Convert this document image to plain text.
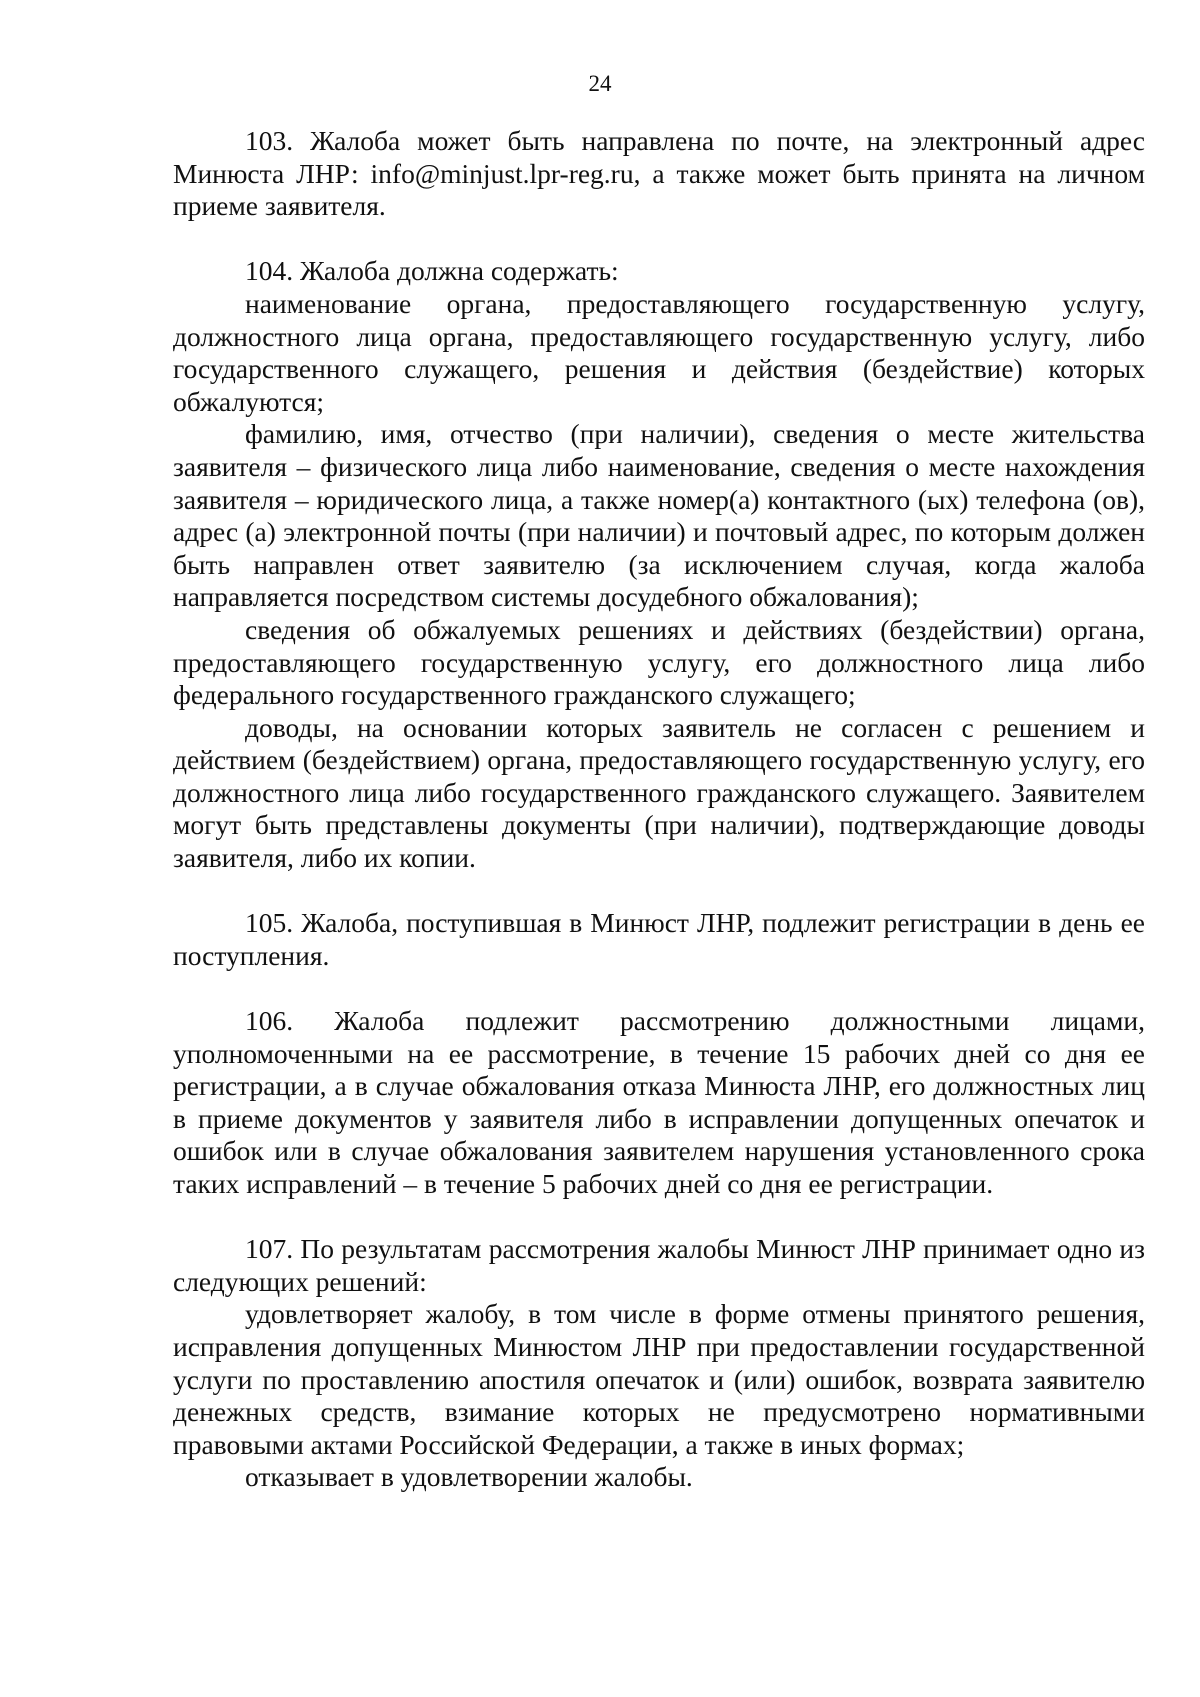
24

103. Жалоба может быть направлена по почте, на электронный адрес Минюста ЛНР: info@minjust.lpr-reg.ru, а также может быть принята на личном приеме заявителя.

104. Жалоба должна содержать:

наименование органа, предоставляющего государственную услугу, должностного лица органа, предоставляющего государственную услугу, либо государственного служащего, решения и действия (бездействие) которых обжалуются;

фамилию, имя, отчество (при наличии), сведения о месте жительства заявителя – физического лица либо наименование, сведения о месте нахождения заявителя – юридического лица, а также номер(а) контактного (ых) телефона (ов), адрес (а) электронной почты (при наличии) и почтовый адрес, по которым должен быть направлен ответ заявителю (за исключением случая, когда жалоба направляется посредством системы досудебного обжалования);

сведения об обжалуемых решениях и действиях (бездействии) органа, предоставляющего государственную услугу, его должностного лица либо федерального государственного гражданского служащего;

доводы, на основании которых заявитель не согласен с решением и действием (бездействием) органа, предоставляющего государственную услугу, его должностного лица либо государственного гражданского служащего. Заявителем могут быть представлены документы (при наличии), подтверждающие доводы заявителя, либо их копии.

105. Жалоба, поступившая в Минюст ЛНР, подлежит регистрации в день ее поступления.

106. Жалоба подлежит рассмотрению должностными лицами, уполномоченными на ее рассмотрение, в течение 15 рабочих дней со дня ее регистрации, а в случае обжалования отказа Минюста ЛНР, его должностных лиц в приеме документов у заявителя либо в исправлении допущенных опечаток и ошибок или в случае обжалования заявителем нарушения установленного срока таких исправлений – в течение 5 рабочих дней со дня ее регистрации.

107. По результатам рассмотрения жалобы Минюст ЛНР принимает одно из следующих решений:

удовлетворяет жалобу, в том числе в форме отмены принятого решения, исправления допущенных Минюстом ЛНР при предоставлении государственной услуги по проставлению апостиля опечаток и (или) ошибок, возврата заявителю денежных средств, взимание которых не предусмотрено нормативными правовыми актами Российской Федерации, а также в иных формах;

отказывает в удовлетворении жалобы.
